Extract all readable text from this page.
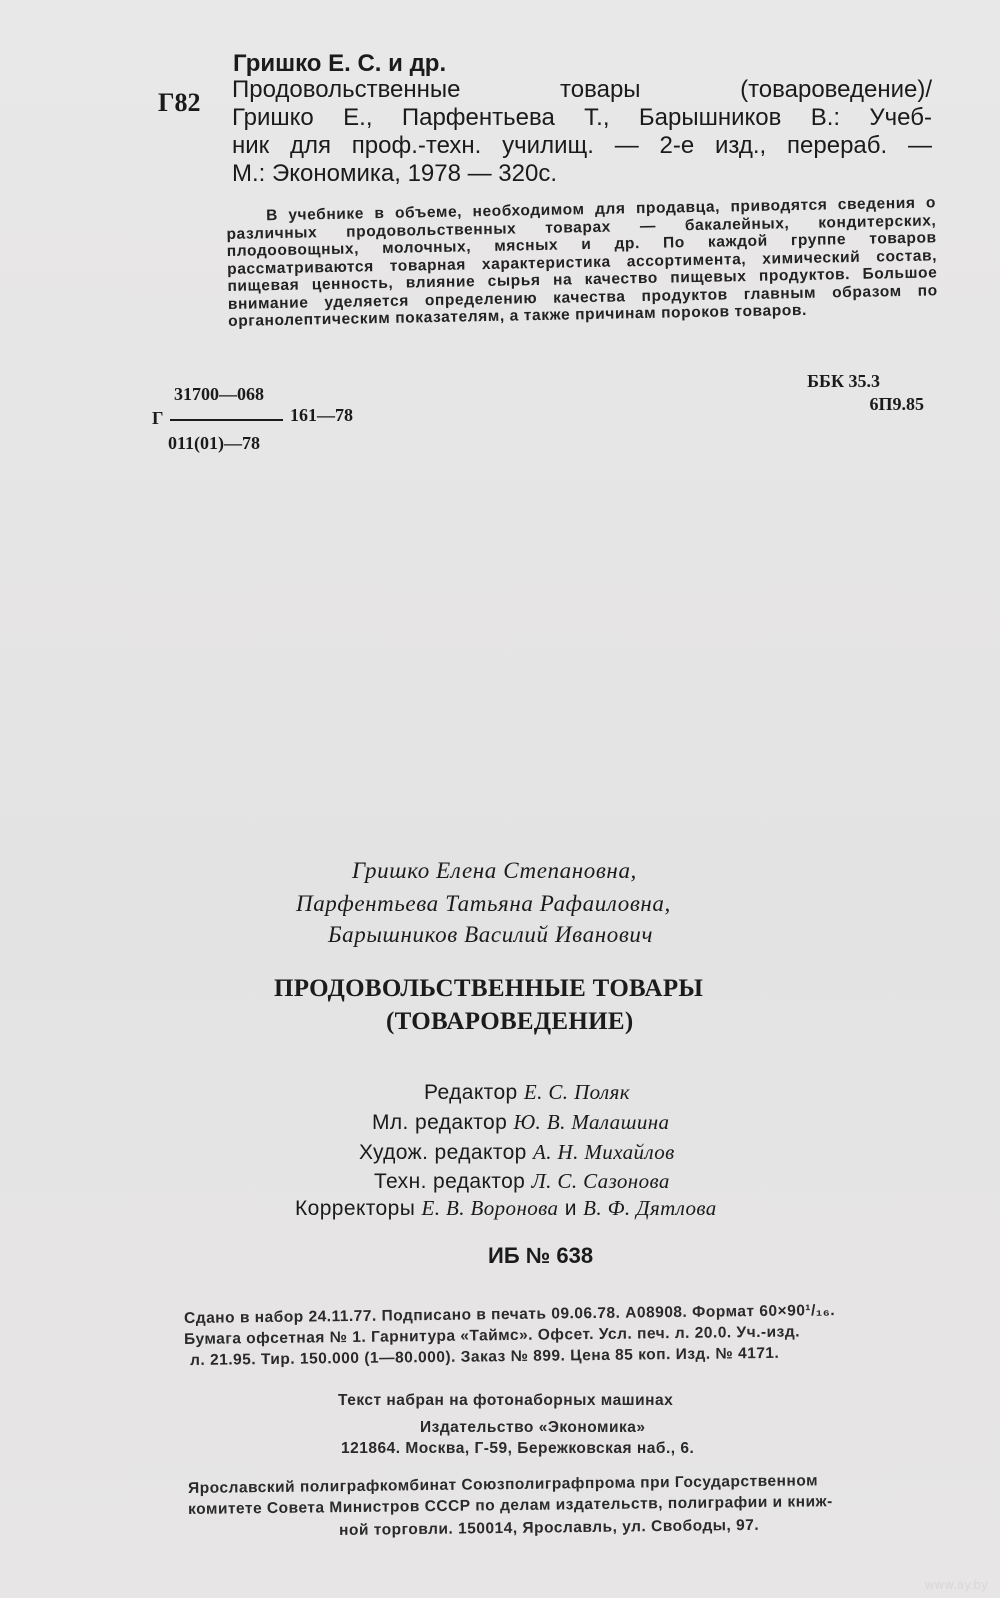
Гришко Е. С. и др.
Г82 Продовольственные товары (товароведение)/
Гришко Е., Парфентьева Т., Барышников В.: Учеб-
ник для проф.-техн. училищ. — 2-е изд., перераб. —
М.: Экономика, 1978 — 320с.

В учебнике в объеме, необходимом для продавца, приводятся сведения о различных продовольственных товарах — бакалейных, кондитерских, плодоовощных, молочных, мясных и др. По каждой группе товаров рассматриваются товарная характеристика ассортимента, химический состав, пищевая ценность, влияние сырья на качество пищевых продуктов. Большое внимание уделяется определению качества продуктов главным образом по органолептическим показателям, а также причинам пороков товаров.

31700—068
Г	161—78
011(01)—78
ББК 35.3
6П9.85
Гришко Елена Степановна,
Парфентьева Татьяна Рафаиловна,
Барышников Василий Иванович
ПРОДОВОЛЬСТВЕННЫЕ ТОВАРЫ
(ТОВАРОВЕДЕНИЕ)
Редактор Е. С. Поляк
Мл. редактор Ю. В. Малашина
Худож. редактор А. Н. Михайлов
Техн. редактор Л. С. Сазонова
Корректоры Е. В. Воронова и В. Ф. Дятлова
ИБ № 638
Сдано в набор 24.11.77. Подписано в печать 09.06.78. А08908. Формат 60×90¹/₁₆.
Бумага офсетная № 1. Гарнитура «Таймс». Офсет. Усл. печ. л. 20.0. Уч.-изд.
л. 21.95. Тир. 150.000 (1—80.000). Заказ № 899. Цена 85 коп. Изд. № 4171.
Текст набран на фотонаборных машинах
Издательство «Экономика»
121864. Москва, Г-59, Бережковская наб., 6.
Ярославский полиграфкомбинат Союзполиграфпрома при Государственном
комитете Совета Министров СССР по делам издательств, полиграфии и книж-
ной торговли. 150014, Ярославль, ул. Свободы, 97.
www.ay.by
